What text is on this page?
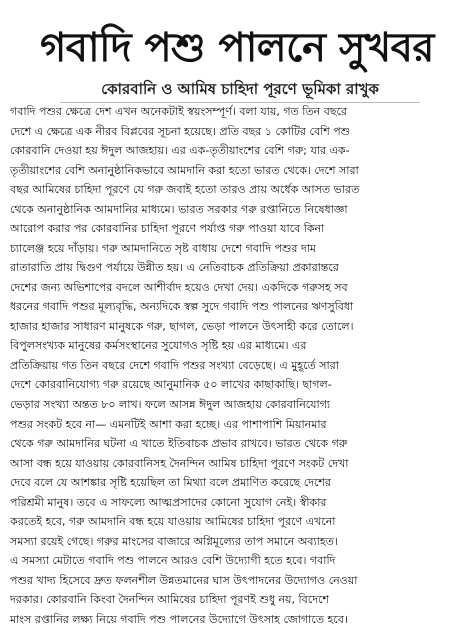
গবাদি পশু পালনে সুখবর
কোরবানি ও আমিষ চাহিদা পূরণে ভূমিকা রাখুক
গবাদি পশুর ক্ষেত্রে দেশ এখন অনেকটাই স্বয়ংসম্পূর্ণ। বলা যায়, গত তিন বছরে
দেশে এ ক্ষেত্রে এক নীরব বিপ্লবের সূচনা হয়েছে। প্রতি বছর ১ কোটির বেশি পশু
কোরবানি দেওয়া হয় ঈদুল আজহায়। এর এক-তৃতীয়াংশের বেশি গরু; যার এক-
তৃতীয়াংশের বেশি অনানুষ্ঠানিকভাবে আমদানি করা হতো ভারত থেকে। দেশে সারা
বছর আমিষের চাহিদা পূরণে যে গরু জবাই হতো তারও প্রায় অর্ধেক আসত ভারত
থেকে অনানুষ্ঠানিক আমদানির মাধ্যমে। ভারত সরকার গরু রপ্তানিতে নিষেধাজ্ঞা
আরোপ করার পর কোরবানির চাহিদা পূরণে পর্যাপ্ত গরু পাওয়া যাবে কিনা
চ্যালেঞ্জ হয়ে দাঁড়ায়। গরু আমদানিতে সৃষ্ট বাধায় দেশে গবাদি পশুর দাম
রাতারাতি প্রায় দ্বিগুণ পর্যায়ে উন্নীত হয়। এ নেতিবাচক প্রতিক্রিয়া প্রকারান্তরে
দেশের জন্য অভিশাপের বদলে আশীর্বাদ হয়েও দেখা দেয়। একদিকে গরুসহ সব
ধরনের গবাদি পশুর মূল্যবৃদ্ধি, অন্যদিকে স্বল্প সুদে গবাদি পশু পালনের ঋণসুবিধা
হাজার হাজার সাধারণ মানুষকে গরু, ছাগল, ভেড়া পালনে উৎসাহী করে তোলে।
বিপুলসংখ্যক মানুষের কর্মসংস্থানের সুযোগও সৃষ্টি হয় এর মাধ্যমে। এর
প্রতিক্রিয়ায় গত তিন বছরে দেশে গবাদি পশুর সংখ্যা বেড়েছে। এ মুহূর্তে সারা
দেশে কোরবানিযোগ্য গরু রয়েছে আনুমানিক ৫০ লাখের কাছাকাছি। ছাগল-
ভেড়ার সংখ্যা অন্তত ৮০ লাখ। ফলে আসন্ন ঈদুল আজহায় কোরবানিযোগ্য
পশুর সংকট হবে না— এমনটিই আশা করা হচ্ছে। এর পাশাপাশি মিয়ানমার
থেকে গরু আমদানির ঘটনা এ খাতে ইতিবাচক প্রভাব রাখবে। ভারত থেকে গরু
আসা বন্ধ হয়ে যাওয়ায় কোরবানিসহ দৈনন্দিন আমিষ চাহিদা পূরণে সংকট দেখা
দেবে বলে যে আশঙ্কার সৃষ্টি হয়েছিল তা মিথ্যা বলে প্রমাণিত করেছে দেশের
পরিশ্রমী মানুষ। তবে এ সাফল্যে আত্মপ্রসাদের কোনো সুযোগ নেই। স্বীকার
করতেই হবে, গরু আমদানি বন্ধ হয়ে যাওয়ায় আমিষের চাহিদা পূরণে এখনো
সমস্যা রয়েই গেছে। গরুর মাংসের বাজারে অগ্নিমূল্যের তাপ সমানে অব্যাহত।
এ সমস্যা মেটাতে গবাদি পশু পালনে আরও বেশি উদ্যোগী হতে হবে। গবাদি
পশুর খাদ্য হিসেবে দ্রুত ফলনশীল উন্নতমানের ঘাস উৎপাদনের উদ্যোগও নেওয়া
দরকার। কোরবানি কিংবা দৈনন্দিন আমিষের চাহিদা পূরণই শুধু নয়, বিদেশে
মাংস রপ্তানির লক্ষ্য নিয়ে গবাদি পশু পালনের উদ্যোগে উৎসাহ জোগাতে হবে।
